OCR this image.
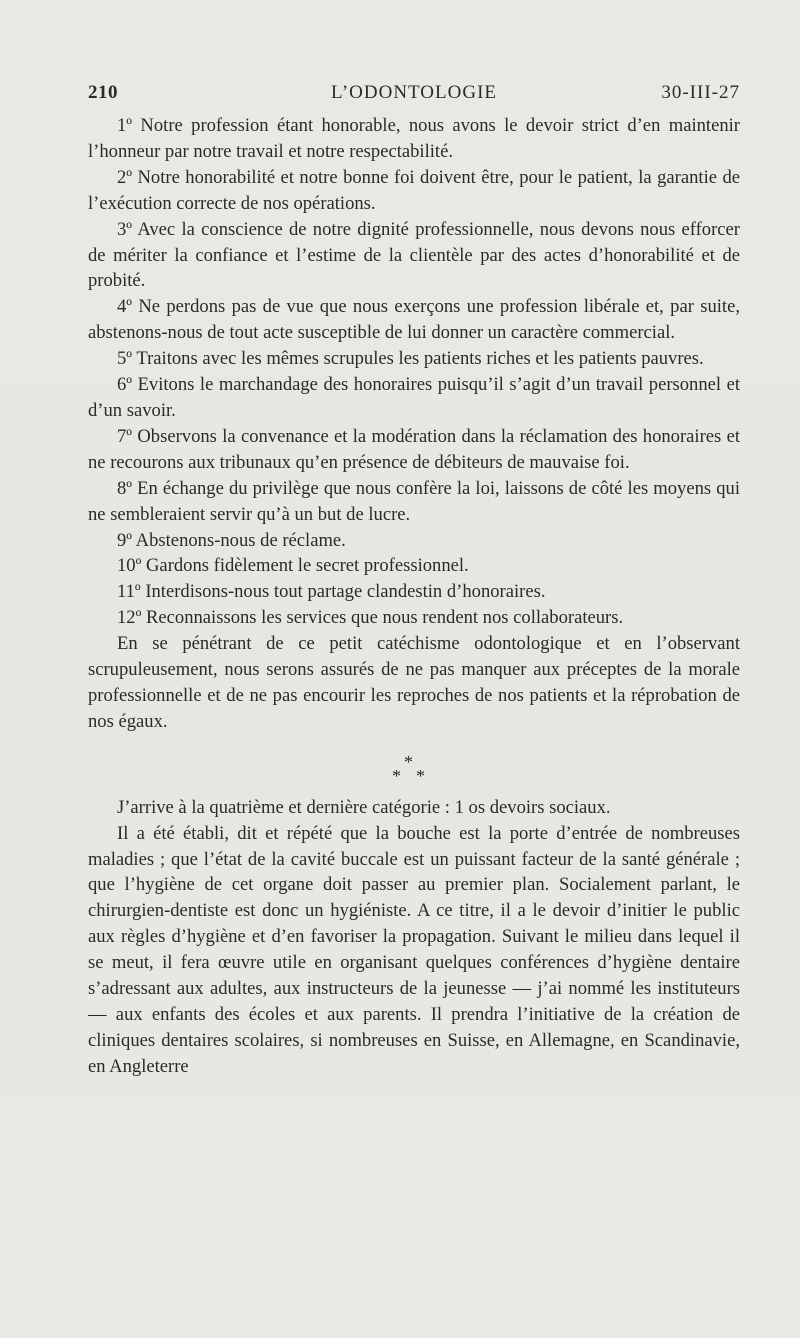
210	L’ODONTOLOGIE	30-III-27

1º Notre profession étant honorable, nous avons le devoir strict d’en maintenir l’honneur par notre travail et notre respectabilité.

2º Notre honorabilité et notre bonne foi doivent être, pour le patient, la garantie de l’exécution correcte de nos opérations.

3º Avec la conscience de notre dignité professionnelle, nous devons nous efforcer de mériter la confiance et l’estime de la clientèle par des actes d’honorabilité et de probité.

4º Ne perdons pas de vue que nous exerçons une profession libérale et, par suite, abstenons-nous de tout acte susceptible de lui donner un caractère commercial.

5º Traitons avec les mêmes scrupules les patients riches et les patients pauvres.

6º Evitons le marchandage des honoraires puisqu’il s’agit d’un travail personnel et d’un savoir.

7º Observons la convenance et la modération dans la réclamation des honoraires et ne recourons aux tribunaux qu’en présence de débiteurs de mauvaise foi.

8º En échange du privilège que nous confère la loi, laissons de côté les moyens qui ne sembleraient servir qu’à un but de lucre.

9º Abstenons-nous de réclame.

10º Gardons fidèlement le secret professionnel.

11º Interdisons-nous tout partage clandestin d’honoraires.

12º Reconnaissons les services que nous rendent nos collaborateurs.

En se pénétrant de ce petit catéchisme odontologique et en l’observant scrupuleusement, nous serons assurés de ne pas manquer aux préceptes de la morale professionnelle et de ne pas encourir les reproches de nos patients et la réprobation de nos égaux.

*
* *

J’arrive à la quatrième et dernière catégorie : 1 os devoirs sociaux.

Il a été établi, dit et répété que la bouche est la porte d’entrée de nombreuses maladies ; que l’état de la cavité buccale est un puissant facteur de la santé générale ; que l’hygiène de cet organe doit passer au premier plan. Socialement parlant, le chirurgien-dentiste est donc un hygiéniste. A ce titre, il a le devoir d’initier le public aux règles d’hygiène et d’en favoriser la propagation. Suivant le milieu dans lequel il se meut, il fera œuvre utile en organisant quelques conférences d’hygiène dentaire s’adressant aux adultes, aux instructeurs de la jeunesse — j’ai nommé les instituteurs — aux enfants des écoles et aux parents. Il prendra l’initiative de la création de cliniques dentaires scolaires, si nombreuses en Suisse, en Allemagne, en Scandinavie, en Angleterre
